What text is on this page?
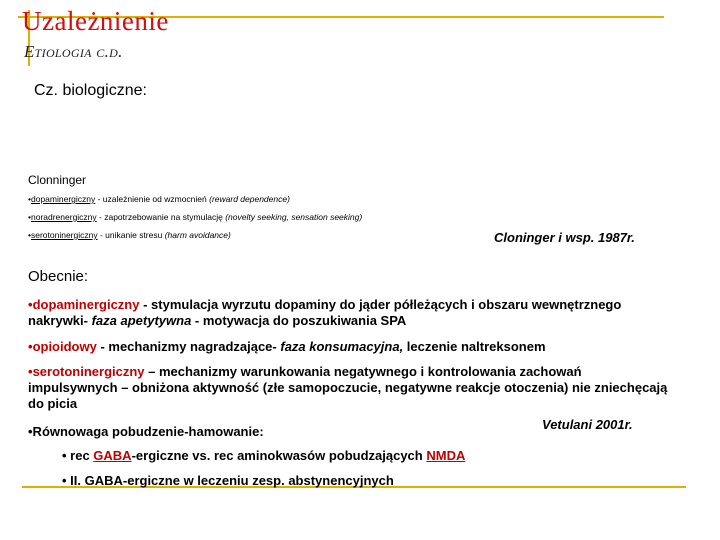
Uzależnienie
Etiologia c.d.
Cz. biologiczne:
Clonninger
•dopaminergiczny - uzależnienie od wzmocnień (reward dependence)
•noradrenergiczny - zapotrzebowanie na stymulację (novelty seeking, sensation seeking)
•serotoninergiczny - unikanie stresu (harm avoidance)	Cloninger i wsp. 1987r.
Obecnie:
•dopaminergiczny - stymulacja wyrzutu dopaminy do jąder półleżących i obszaru wewnętrznego nakrywki- faza apetytywna - motywacja do poszukiwania SPA
•opioidowy - mechanizmy nagradzające- faza konsumacyjna, leczenie naltreksonem
•serotoninergiczny – mechanizmy warunkowania negatywnego i kontrolowania zachowań impulsywnych – obniżona aktywność (złe samopoczucie, negatywne reakcje otoczenia) nie zniechęcają do picia
Vetulani 2001r.
•Równowaga pobudzenie-hamowanie:
• rec GABA-ergiczne vs. rec aminokwasów pobudzających NMDA
• II. GABA-ergiczne w leczeniu zesp. abstynencyjnych
